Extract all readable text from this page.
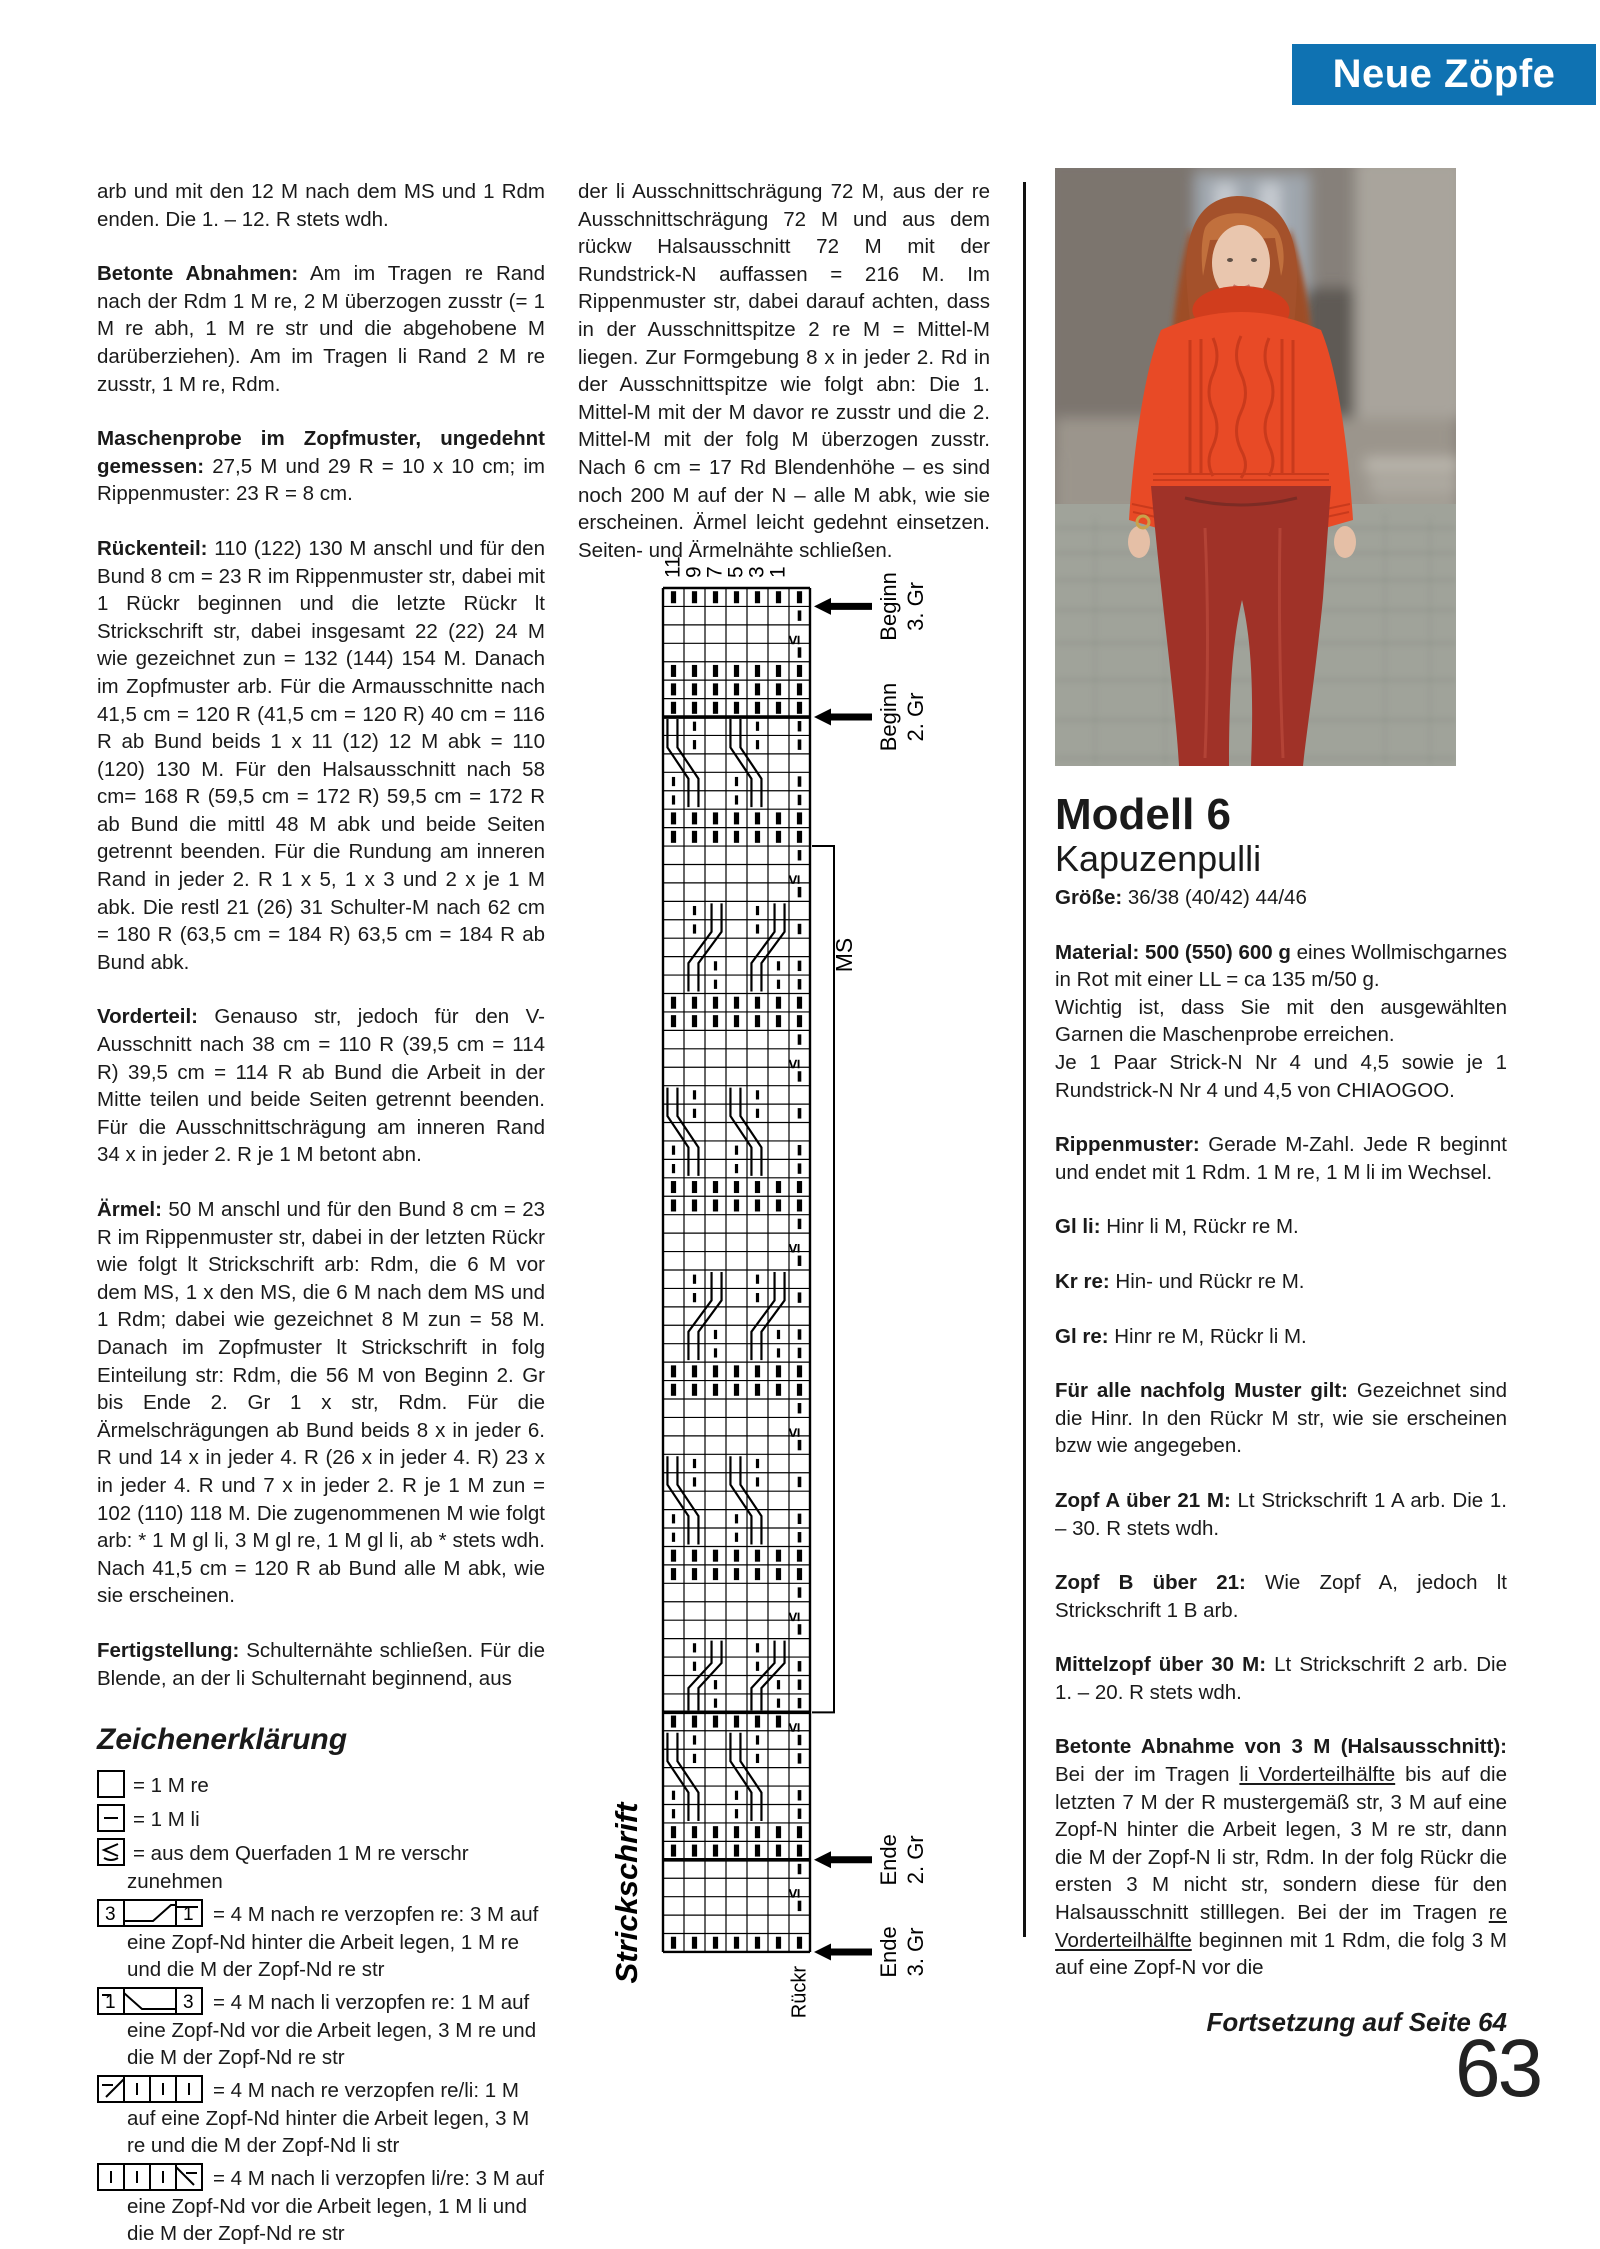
Neue Zöpfe

arb und mit den 12 M nach dem MS und 1 Rdm enden. Die 1. – 12. R stets wdh.

Betonte Abnahmen: Am im Tragen re Rand nach der Rdm 1 M re, 2 M überzogen zusstr (= 1 M re abh, 1 M re str und die abgehobene M darüberziehen). Am im Tragen li Rand 2 M re zusstr, 1 M re, Rdm.

Maschenprobe im Zopfmuster, ungedehnt gemessen: 27,5 M und 29 R = 10 x 10 cm; im Rippenmuster: 23 R = 8 cm.

Rückenteil: 110 (122) 130 M anschl und für den Bund 8 cm = 23 R im Rippenmuster str, dabei mit 1 Rückr beginnen und die letzte Rückr lt Strickschrift str, dabei insgesamt 22 (22) 24 M wie gezeichnet zun = 132 (144) 154 M. Danach im Zopfmuster arb. Für die Armausschnitte nach 41,5 cm = 120 R (41,5 cm = 120 R) 40 cm = 116 R ab Bund beids 1 x 11 (12) 12 M abk = 110 (120) 130 M. Für den Halsausschnitt nach 58 cm= 168 R (59,5 cm = 172 R) 59,5 cm = 172 R ab Bund die mittl 48 M abk und beide Seiten getrennt beenden. Für die Rundung am inneren Rand in jeder 2. R 1 x 5, 1 x 3 und 2 x je 1 M abk. Die restl 21 (26) 31 Schulter-M nach 62 cm = 180 R (63,5 cm = 184 R) 63,5 cm = 184 R ab Bund abk.

Vorderteil: Genauso str, jedoch für den V-Ausschnitt nach 38 cm = 110 R (39,5 cm = 114 R) 39,5 cm = 114 R ab Bund die Arbeit in der Mitte teilen und beide Seiten getrennt beenden. Für die Ausschnittschrägung am inneren Rand 34 x in jeder 2. R je 1 M betont abn.

Ärmel: 50 M anschl und für den Bund 8 cm = 23 R im Rippenmuster str, dabei in der letzten Rückr wie folgt lt Strickschrift arb: Rdm, die 6 M vor dem MS, 1 x den MS, die 6 M nach dem MS und 1 Rdm; dabei wie gezeichnet 8 M zun = 58 M. Danach im Zopfmuster lt Strickschrift in folg Einteilung str: Rdm, die 56 M von Beginn 2. Gr bis Ende 2. Gr 1 x str, Rdm. Für die Ärmelschrägungen ab Bund beids 8 x in jeder 6. R und 14 x in jeder 4. R (26 x in jeder 4. R) 23 x in jeder 4. R und 7 x in jeder 2. R je 1 M zun = 102 (110) 118 M. Die zugenommenen M wie folgt arb: * 1 M gl li, 3 M gl re, 1 M gl li, ab * stets wdh. Nach 41,5 cm = 120 R ab Bund alle M abk, wie sie erscheinen.

Fertigstellung: Schulternähte schließen. Für die Blende, an der li Schulternaht beginnend, aus

Zeichenerklärung
= 1 M re
= 1 M li
= aus dem Querfaden 1 M re verschr zunehmen
3	1 = 4 M nach re verzopfen re: 3 M auf eine Zopf-Nd hinter die Arbeit legen, 1 M re und die M der Zopf-Nd re str
1	3 = 4 M nach li verzopfen re: 1 M auf eine Zopf-Nd vor die Arbeit legen, 3 M re und die M der Zopf-Nd re str
= 4 M nach re verzopfen re/li: 1 M auf eine Zopf-Nd hinter die Arbeit legen, 3 M re und die M der Zopf-Nd li str
= 4 M nach li verzopfen li/re: 3 M auf eine Zopf-Nd vor die Arbeit legen, 1 M li und die M der Zopf-Nd re str

der li Ausschnittschrägung 72 M, aus der re Ausschnittschrägung 72 M und aus dem rückw Halsausschnitt 72 M mit der Rundstrick-N auffassen = 216 M. Im Rippenmuster str, dabei darauf achten, dass in der Ausschnittspitze 2 re M = Mittel-M liegen. Zur Formgebung 8 x in jeder 2. Rd in der Ausschnittspitze wie folgt abn: Die 1. Mittel-M mit der M davor re zusstr und die 2. Mittel-M mit der folg M überzogen zusstr. Nach 6 cm = 17 Rd Blendenhöhe – es sind noch 200 M auf der N – alle M abk, wie sie erscheinen. Ärmel leicht gedehnt einsetzen. Seiten- und Ärmelnähte schließen.

Modell 6
Kapuzenpulli
Größe: 36/38 (40/42) 44/46

Material: 500 (550) 600 g eines Wollmischgarnes in Rot mit einer LL = ca 135 m/50 g.
Wichtig ist, dass Sie mit den ausgewählten Garnen die Maschenprobe erreichen.
Je 1 Paar Strick-N Nr 4 und 4,5 sowie je 1 Rundstrick-N Nr 4 und 4,5 von CHIAOGOO.

Rippenmuster: Gerade M-Zahl. Jede R beginnt und endet mit 1 Rdm. 1 M re, 1 M li im Wechsel.

Gl li: Hinr li M, Rückr re M.

Kr re: Hin- und Rückr re M.

Gl re: Hinr re M, Rückr li M.

Für alle nachfolg Muster gilt: Gezeichnet sind die Hinr. In den Rückr M str, wie sie erscheinen bzw wie angegeben.

Zopf A über 21 M: Lt Strickschrift 1 A arb. Die 1. – 30. R stets wdh.

Zopf B über 21: Wie Zopf A, jedoch lt Strickschrift 1 B arb.

Mittelzopf über 30 M: Lt Strickschrift 2 arb. Die 1. – 20. R stets wdh.

Betonte Abnahme von 3 M (Halsausschnitt): Bei der im Tragen li Vorderteilhälfte bis auf die letzten 7 M der R mustergemäß str, 3 M auf eine Zopf-N hinter die Arbeit legen, 3 M re str, dann die M der Zopf-N li str, Rdm. In der folg Rückr die ersten 3 M nicht str, sondern diese für den Halsausschnitt stilllegen. Bei der im Tragen re Vorderteilhälfte beginnen mit 1 Rdm, die folg 3 M auf eine Zopf-N vor die

Fortsetzung auf Seite 64
63
≤
≤
≤
≤
≤
≤
≤
≤
11
9
7
5
3
1
Rückr
MS
Beginn 3. Gr
Beginn 2. Gr
Ende 2. Gr
Ende 3. Gr
Strickschrift
